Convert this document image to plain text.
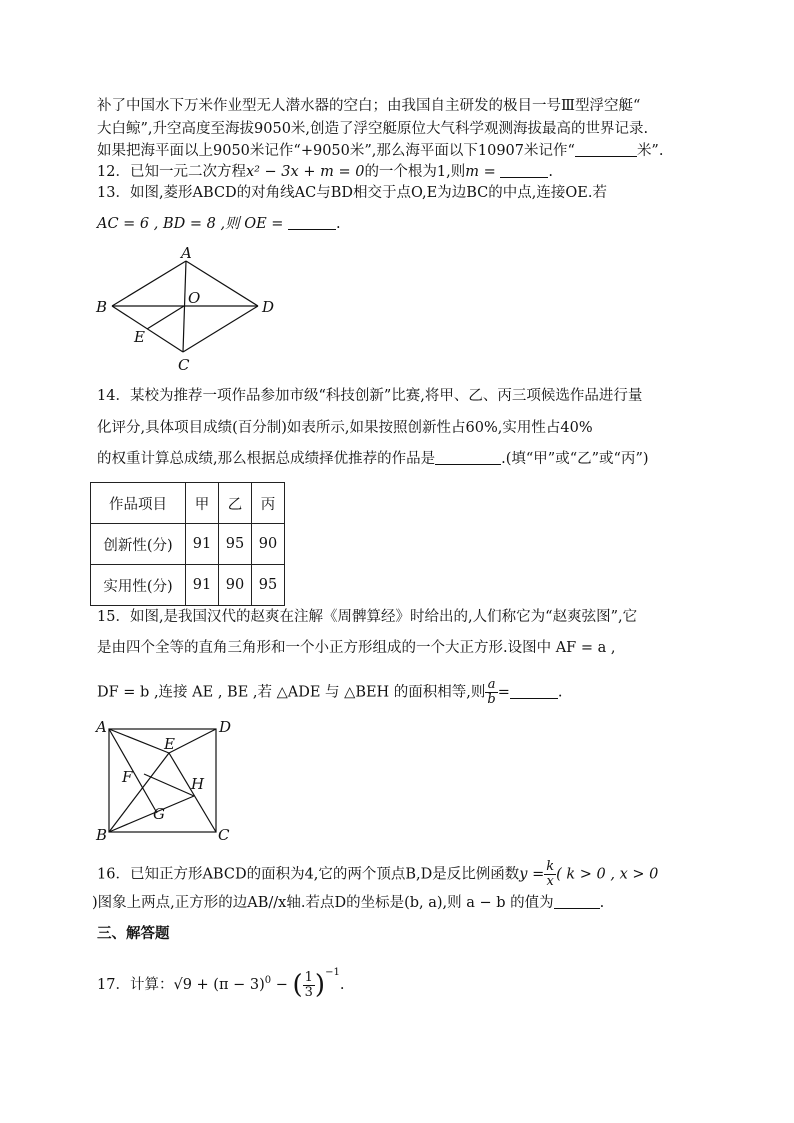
补了中国水下万米作业型无人潜水器的空白；由我国自主研发的极目一号Ⅲ型浮空艇“
大白鲸”,升空高度至海拔9050米,创造了浮空艇原位大气科学观测海拔最高的世界记录.
如果把海平面以上9050米记作“+9050米”,那么海平面以下10907米记作“	米”.
12．已知一元二次方程x² − 3x + m = 0的一个根为1,则m =	.
13．如图,菱形ABCD的对角线AC与BD相交于点O,E为边BC的中点,连接OE.若
AC = 6 , BD = 8 ,则 OE =	.
A
B
C
D
O
E
14．某校为推荐一项作品参加市级“科技创新”比赛,将甲、乙、丙三项候选作品进行量
化评分,具体项目成绩(百分制)如表所示,如果按照创新性占60%,实用性占40%
的权重计算总成绩,那么根据总成绩择优推荐的作品是	.(填“甲”或“乙”或“丙”)
作品项目	甲	乙	丙
创新性(分)	91	95	90
实用性(分)	91	90	95
15．如图,是我国汉代的赵爽在注解《周髀算经》时给出的,人们称它为“赵爽弦图”,它
是由四个全等的直角三角形和一个小正方形组成的一个大正方形.设图中 AF = a ,
DF = b ,连接 AE , BE ,若 △ADE 与 △BEH 的面积相等,则 $\frac{a}{b}$ =	.
A	D
B	C
E
F
G
H
16．已知正方形ABCD的面积为4,它的两个顶点B,D是反比例函数$y = \frac{k}{x}$ ( k > 0 , x > 0
)图象上两点,正方形的边AB//x轴.若点D的坐标是(b, a),则 a − b 的值为	.
三、解答题
17．计算：$√9 + (\pi - 3)^0$ − ( $\frac{1}{3} )^{-1}$.
